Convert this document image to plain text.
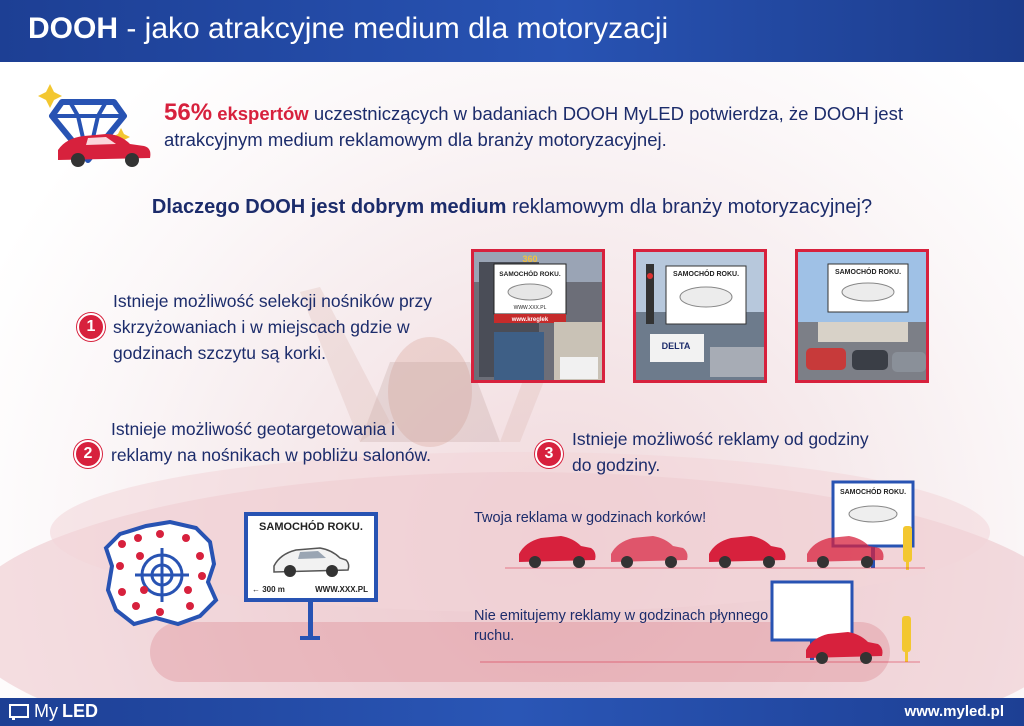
DOOH - jako atrakcyjne medium dla motoryzacji
56% ekspertów uczestniczących w badaniach DOOH MyLED potwierdza, że DOOH jest atrakcyjnym medium reklamowym dla branży motoryzacyjnej.
Dlaczego DOOH jest dobrym medium reklamowym dla branży motoryzacyjnej?
1
Istnieje możliwość selekcji nośników przy skrzyżowaniach i w miejscach gdzie w godzinach szczytu są korki.
360
SAMOCHÓD ROKU.
WWW.XXX.PL
www.kreglek
SAMOCHÓD ROKU.
DELTA
SAMOCHÓD ROKU.
2
Istnieje możliwość geotargetowania i reklamy na nośnikach w pobliżu salonów.	3
Istnieje możliwość reklamy od godziny do godziny.
SAMOCHÓD ROKU.
← 300 m	WWW.XXX.PL
Twoja reklama w godzinach korków!
SAMOCHÓD ROKU.
Nie emitujemy reklamy w godzinach płynnego ruchu.
My LED	www.myled.pl
